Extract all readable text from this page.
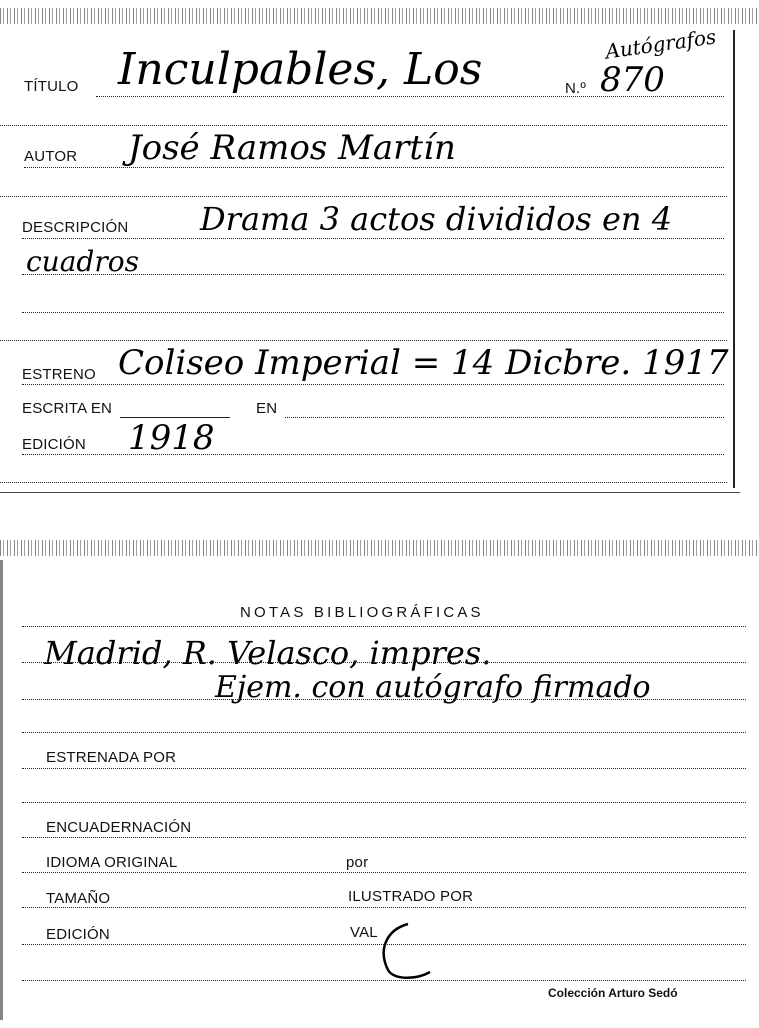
Autógrafos
TÍTULO Inculpables, Los	N.º 870
AUTOR José Ramos Martín
DESCRIPCIÓN Drama 3 actos divididos en 4
cuadros
ESTRENO Coliseo Imperial = 14 Dicbre. 1917
ESCRITA EN	EN
EDICIÓN 1918
NOTAS BIBLIOGRÁFICAS
Madrid, R. Velasco, impres.
Ejem. con autógrafo firmado
ESTRENADA POR
ENCUADERNACIÓN
IDIOMA ORIGINAL	por
TAMAÑO	ILUSTRADO POR
EDICIÓN	VAL
Colección Arturo Sedó
